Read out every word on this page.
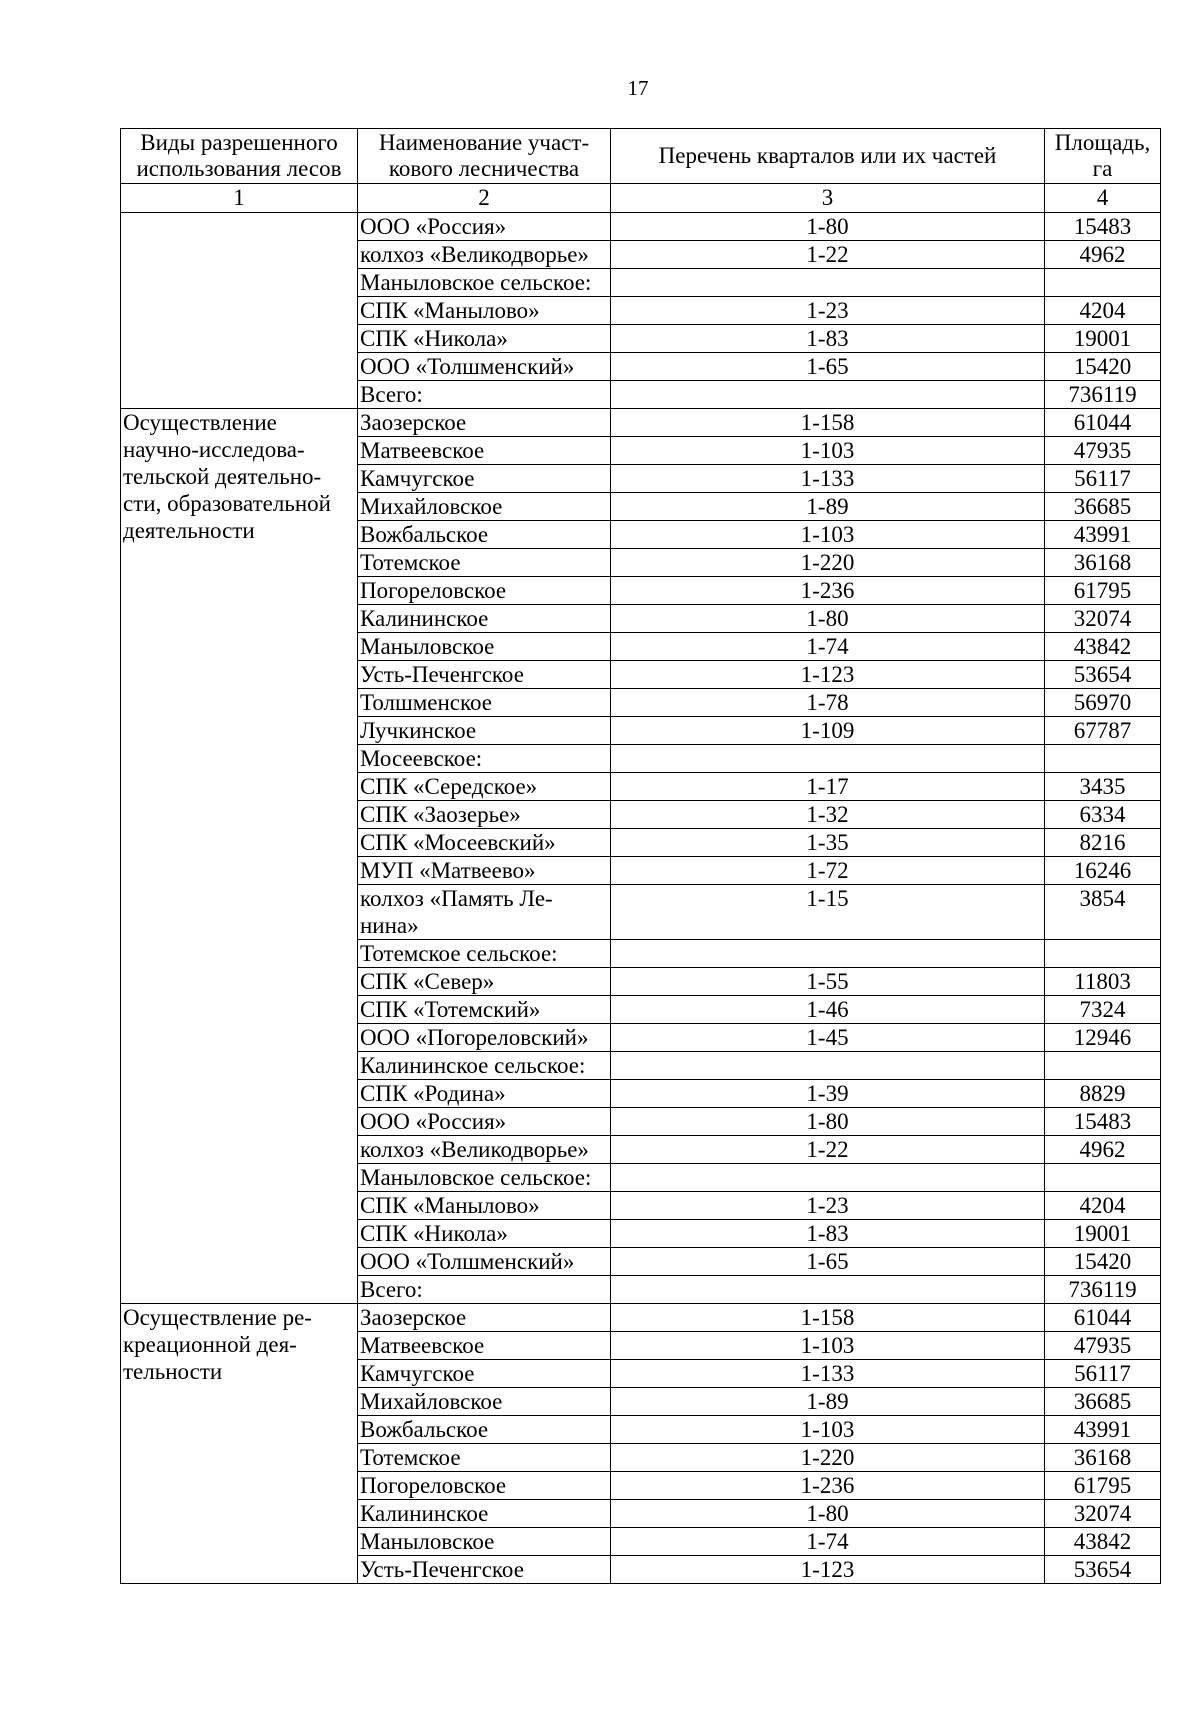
17
Виды разрешенного использования лесов	Наименование участ- кового лесничества	Перечень кварталов или их частей	Площадь, га
1	2	3	4
	ООО «Россия»	1-80	15483
	колхоз «Великодворье»	1-22	4962
	Маныловское сельское:		
	СПК «Манылово»	1-23	4204
	СПК «Никола»	1-83	19001
	ООО «Толшменский»	1-65	15420
	Всего:		736119
Осуществление научно-исследова- тельской деятельно- сти, образовательной деятельности	Заозерское	1-158	61044
	Матвеевское	1-103	47935
	Камчугское	1-133	56117
	Михайловское	1-89	36685
	Вожбальское	1-103	43991
	Тотемское	1-220	36168
	Погореловское	1-236	61795
	Калининское	1-80	32074
	Маныловское	1-74	43842
	Усть-Печенгское	1-123	53654
	Толшменское	1-78	56970
	Лучкинское	1-109	67787
	Мосеевское:		
	СПК «Середское»	1-17	3435
	СПК «Заозерье»	1-32	6334
	СПК «Мосеевский»	1-35	8216
	МУП «Матвеево»	1-72	16246
	колхоз «Память Ле- нина»	1-15	3854
	Тотемское сельское:		
	СПК «Север»	1-55	11803
	СПК «Тотемский»	1-46	7324
	ООО «Погореловский»	1-45	12946
	Калининское сельское:		
	СПК «Родина»	1-39	8829
	ООО «Россия»	1-80	15483
	колхоз «Великодворье»	1-22	4962
	Маныловское сельское:		
	СПК «Манылово»	1-23	4204
	СПК «Никола»	1-83	19001
	ООО «Толшменский»	1-65	15420
	Всего:		736119
Осуществление ре- креационной дея- тельности	Заозерское	1-158	61044
	Матвеевское	1-103	47935
	Камчугское	1-133	56117
	Михайловское	1-89	36685
	Вожбальское	1-103	43991
	Тотемское	1-220	36168
	Погореловское	1-236	61795
	Калининское	1-80	32074
	Маныловское	1-74	43842
	Усть-Печенгское	1-123	53654
